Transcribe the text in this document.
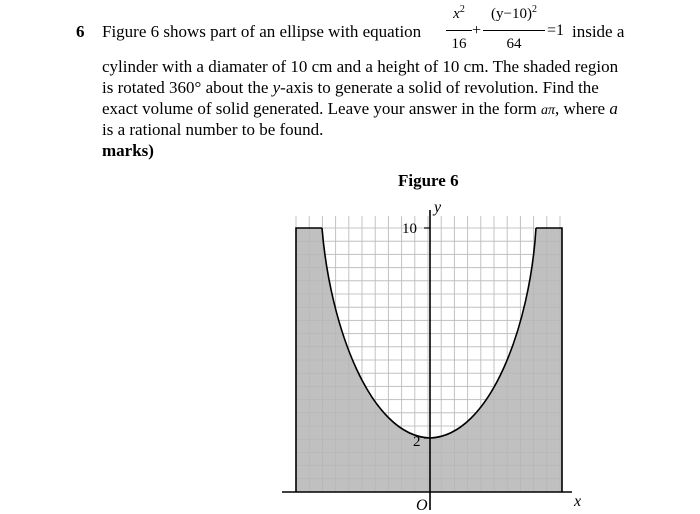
6 Figure 6 shows part of an ellipse with equation
$x^2$
16
+
$(y-10)^2$
64
=1 inside a
cylinder with a diamater of 10 cm and a height of 10 cm. The shaded region
is rotated 360° about the y-axis to generate a solid of revolution. Find the
exact volume of solid generated. Leave your answer in the form aπ, where a
is a rational number to be found.
marks)
Figure 6
y
x
O
10
2
